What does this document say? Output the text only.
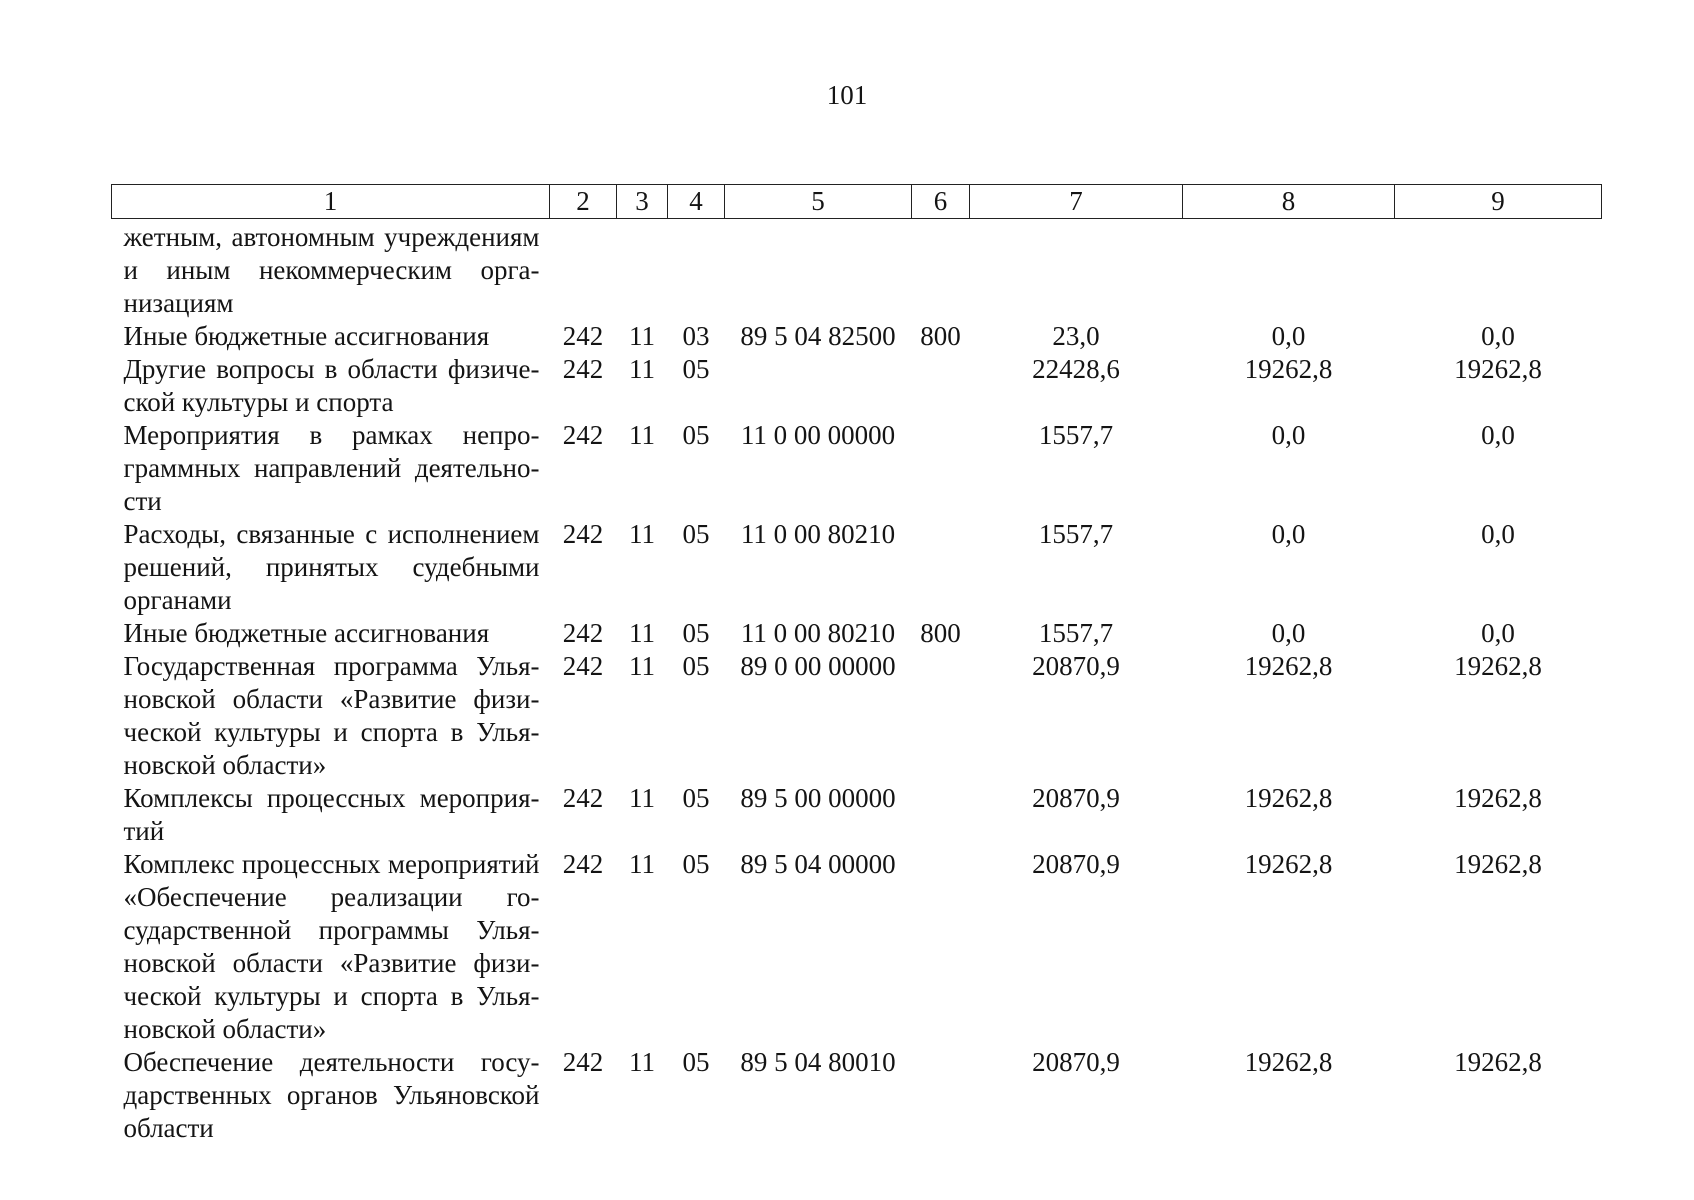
101
1	2	3	4	5	6	7	8	9
жетным, автономным учреждениям и иным некоммерческим организациям								
Иные бюджетные ассигнования	242	11	03	89 5 04 82500	800	23,0	0,0	0,0
Другие вопросы в области физической культуры и спорта	242	11	05			22428,6	19262,8	19262,8
Мероприятия в рамках непрограммных направлений деятельности	242	11	05	11 0 00 00000		1557,7	0,0	0,0
Расходы, связанные с исполнением решений, принятых судебными органами	242	11	05	11 0 00 80210		1557,7	0,0	0,0
Иные бюджетные ассигнования	242	11	05	11 0 00 80210	800	1557,7	0,0	0,0
Государственная программа Ульяновской области «Развитие физической культуры и спорта в Ульяновской области»	242	11	05	89 0 00 00000		20870,9	19262,8	19262,8
Комплексы процессных мероприятий	242	11	05	89 5 00 00000		20870,9	19262,8	19262,8
Комплекс процессных мероприятий «Обеспечение реализации государственной программы Ульяновской области «Развитие физической культуры и спорта в Ульяновской области»	242	11	05	89 5 04 00000		20870,9	19262,8	19262,8
Обеспечение деятельности государственных органов Ульяновской области	242	11	05	89 5 04 80010		20870,9	19262,8	19262,8
